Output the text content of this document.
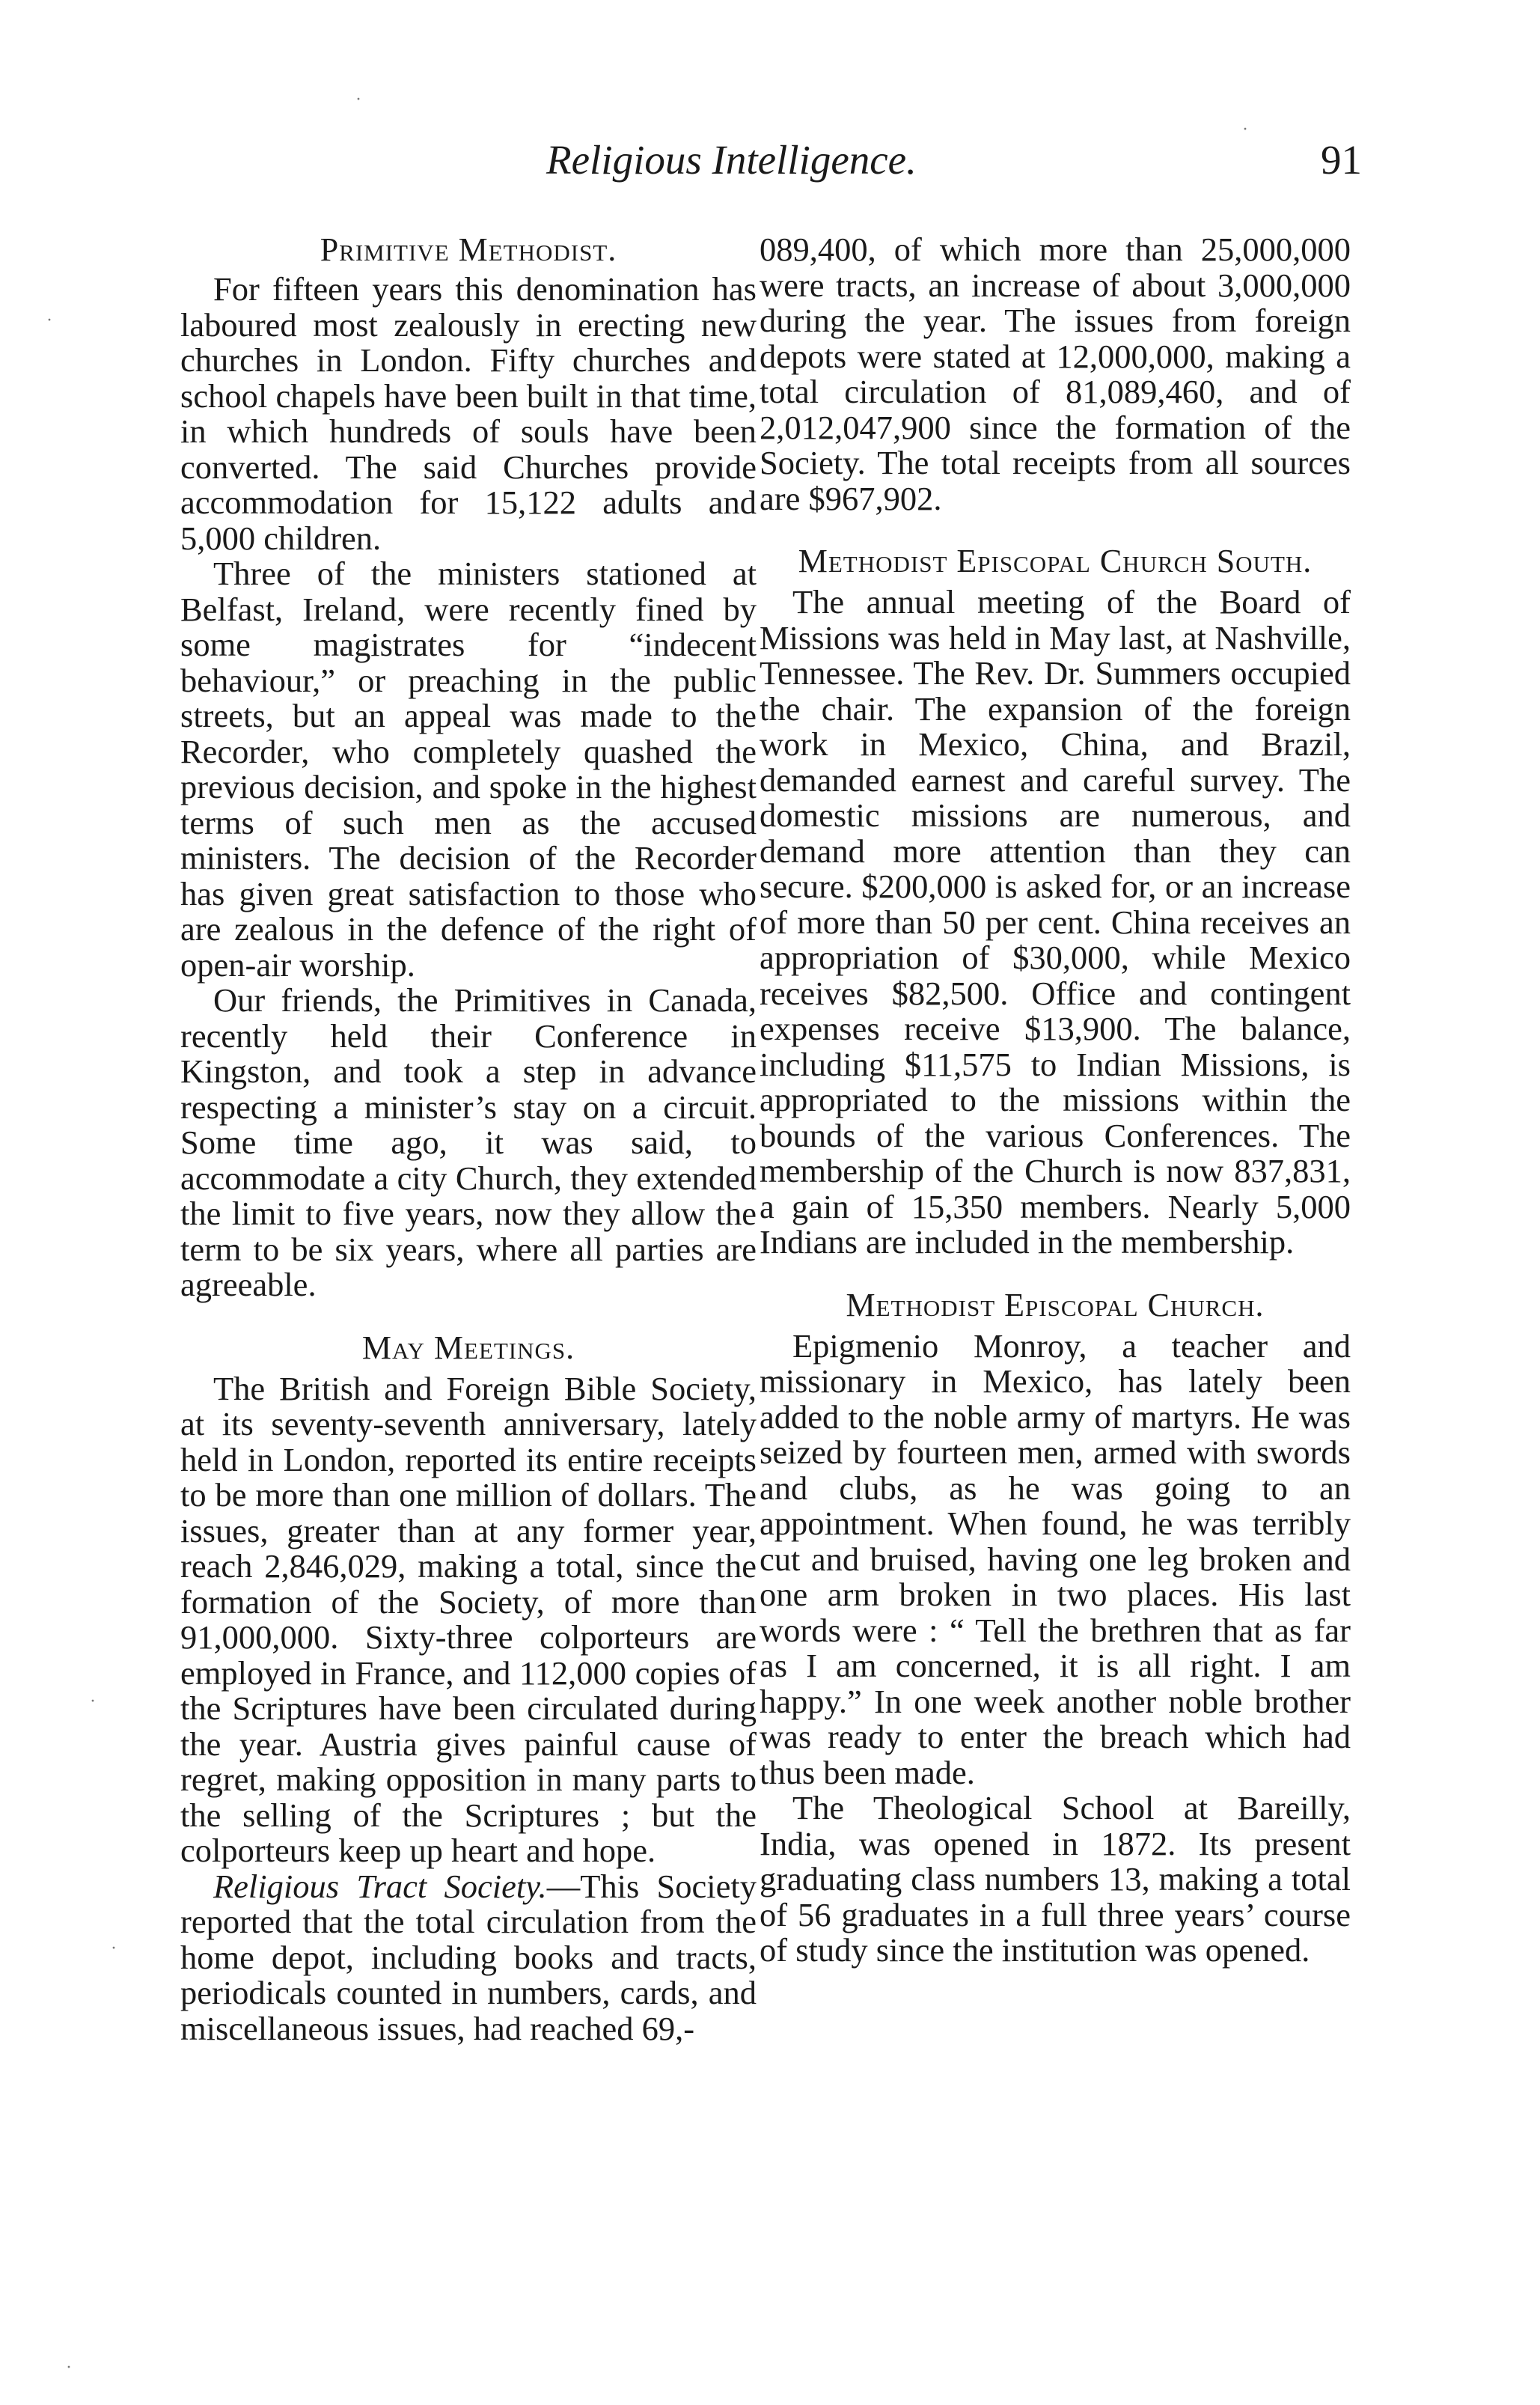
Religious Intelligence.	91
Primitive Methodist.

For fifteen years this denomination has laboured most zealously in erecting new churches in London. Fifty churches and school chapels have been built in that time, in which hundreds of souls have been converted. The said Churches provide accommodation for 15,122 adults and 5,000 children.

Three of the ministers stationed at Belfast, Ireland, were recently fined by some magistrates for “indecent behaviour,” or preaching in the public streets, but an appeal was made to the Recorder, who completely quashed the previous decision, and spoke in the highest terms of such men as the accused ministers. The decision of the Recorder has given great satisfaction to those who are zealous in the defence of the right of open-air worship.

Our friends, the Primitives in Canada, recently held their Conference in Kingston, and took a step in advance respecting a minister’s stay on a circuit. Some time ago, it was said, to accommodate a city Church, they extended the limit to five years, now they allow the term to be six years, where all parties are agreeable.

May Meetings.

The British and Foreign Bible Society, at its seventy-seventh anniversary, lately held in London, reported its entire receipts to be more than one million of dollars. The issues, greater than at any former year, reach 2,846,029, making a total, since the formation of the Society, of more than 91,000,000. Sixty-three colporteurs are employed in France, and 112,000 copies of the Scriptures have been circulated during the year. Austria gives painful cause of regret, making opposition in many parts to the selling of the Scriptures ; but the colporteurs keep up heart and hope.

Religious Tract Society.—This Society reported that the total circulation from the home depot, including books and tracts, periodicals counted in numbers, cards, and miscellaneous issues, had reached 69,-

089,400, of which more than 25,000,000 were tracts, an increase of about 3,000,000 during the year. The issues from foreign depots were stated at 12,000,000, making a total circulation of 81,089,460, and of 2,012,047,900 since the formation of the Society. The total receipts from all sources are $967,902.

Methodist Episcopal Church South.

The annual meeting of the Board of Missions was held in May last, at Nashville, Tennessee. The Rev. Dr. Summers occupied the chair. The expansion of the foreign work in Mexico, China, and Brazil, demanded earnest and careful survey. The domestic missions are numerous, and demand more attention than they can secure. $200,000 is asked for, or an increase of more than 50 per cent. China receives an appropriation of $30,000, while Mexico receives $82,500. Office and contingent expenses receive $13,900. The balance, including $11,575 to Indian Missions, is appropriated to the missions within the bounds of the various Conferences. The membership of the Church is now 837,831, a gain of 15,350 members. Nearly 5,000 Indians are included in the membership.

Methodist Episcopal Church.

Epigmenio Monroy, a teacher and missionary in Mexico, has lately been added to the noble army of martyrs. He was seized by fourteen men, armed with swords and clubs, as he was going to an appointment. When found, he was terribly cut and bruised, having one leg broken and one arm broken in two places. His last words were : “ Tell the brethren that as far as I am concerned, it is all right. I am happy.” In one week another noble brother was ready to enter the breach which had thus been made.

The Theological School at Bareilly, India, was opened in 1872. Its present graduating class numbers 13, making a total of 56 graduates in a full three years’ course of study since the institution was opened.

·
·
·
·
·
·
